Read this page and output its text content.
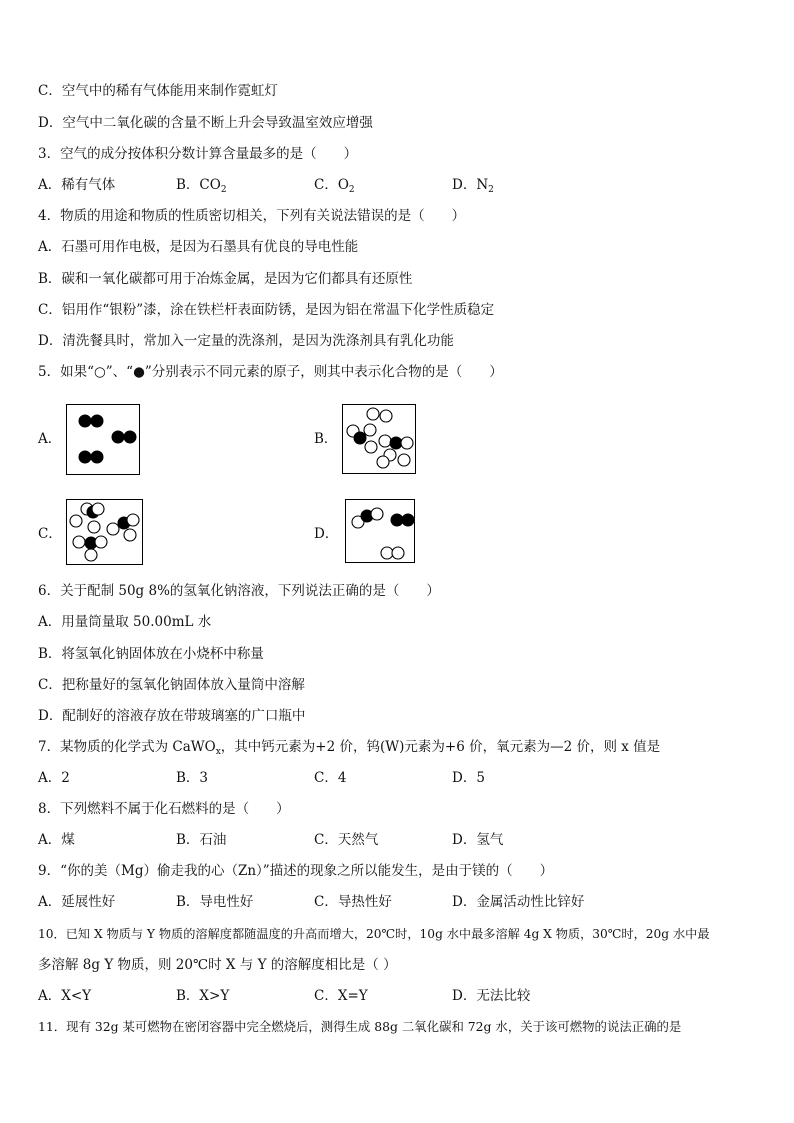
C．空气中的稀有气体能用来制作霓虹灯
D．空气中二氧化碳的含量不断上升会导致温室效应增强
3．空气的成分按体积分数计算含量最多的是（　　）
A．稀有气体	B．$CO_2$	C．$O_2$	D．$N_2$
4．物质的用途和物质的性质密切相关，下列有关说法错误的是（　　）
A．石墨可用作电极，是因为石墨具有优良的导电性能
B．碳和一氧化碳都可用于冶炼金属，是因为它们都具有还原性
C．铝用作“银粉”漆，涂在铁栏杆表面防锈，是因为铝在常温下化学性质稳定
D．清洗餐具时，常加入一定量的洗涤剂，是因为洗涤剂具有乳化功能
5．如果“○”、“●”分别表示不同元素的原子，则其中表示化合物的是（　　）
A．	B．
C．	D．
6．关于配制 50g 8%的氢氧化钠溶液，下列说法正确的是（　　）
A．用量筒量取 50.00mL 水
B．将氢氧化钠固体放在小烧杯中称量
C．把称量好的氢氧化钠固体放入量筒中溶解
D．配制好的溶液存放在带玻璃塞的广口瓶中
7．某物质的化学式为 CaWO$_x$，其中钙元素为+2 价，钨(W)元素为+6 价，氧元素为—2 价，则 x 值是
A．2	B．3	C．4	D．5
8．下列燃料不属于化石燃料的是（　　）
A．煤	B．石油	C．天然气	D．氢气
9．“你的美（Mg）偷走我的心（Zn）”描述的现象之所以能发生，是由于镁的（　　）
A．延展性好	B．导电性好	C．导热性好	D．金属活动性比锌好
10．已知 X 物质与 Y 物质的溶解度都随温度的升高而增大，20℃时，10g 水中最多溶解 4g X 物质，30℃时，20g 水中最
多溶解 8g Y 物质，则 20℃时 X 与 Y 的溶解度相比是（ ）
A．X<Y	B．X>Y	C．X=Y	D．无法比较
11．现有 32g 某可燃物在密闭容器中完全燃烧后，测得生成 88g 二氧化碳和 72g 水，关于该可燃物的说法正确的是
